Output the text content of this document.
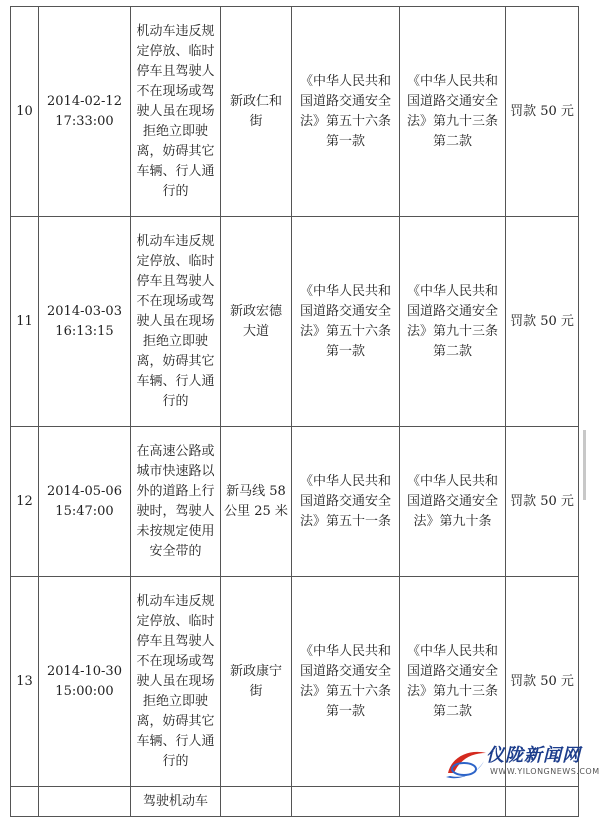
10	2014-02-12 17:33:00	机动车违反规定停放、临时停车且驾驶人不在现场或驾驶人虽在现场拒绝立即驶离，妨碍其它车辆、行人通行的	新政仁和街	《中华人民共和国道路交通安全法》第五十六条第一款	《中华人民共和国道路交通安全法》第九十三条第二款	罚款 50 元
11	2014-03-03 16:13:15	机动车违反规定停放、临时停车且驾驶人不在现场或驾驶人虽在现场拒绝立即驶离，妨碍其它车辆、行人通行的	新政宏德大道	《中华人民共和国道路交通安全法》第五十六条第一款	《中华人民共和国道路交通安全法》第九十三条第二款	罚款 50 元
12	2014-05-06 15:47:00	在高速公路或城市快速路以外的道路上行驶时，驾驶人未按规定使用安全带的	新马线 58 公里 25 米	《中华人民共和国道路交通安全法》第五十一条	《中华人民共和国道路交通安全法》第九十条	罚款 50 元
13	2014-10-30 15:00:00	机动车违反规定停放、临时停车且驾驶人不在现场或驾驶人虽在现场拒绝立即驶离，妨碍其它车辆、行人通行的	新政康宁街	《中华人民共和国道路交通安全法》第五十六条第一款	《中华人民共和国道路交通安全法》第九十三条第二款	罚款 50 元
		驾驶机动车				
仪陇新闻网
WWW.YILONGNEWS.COM
